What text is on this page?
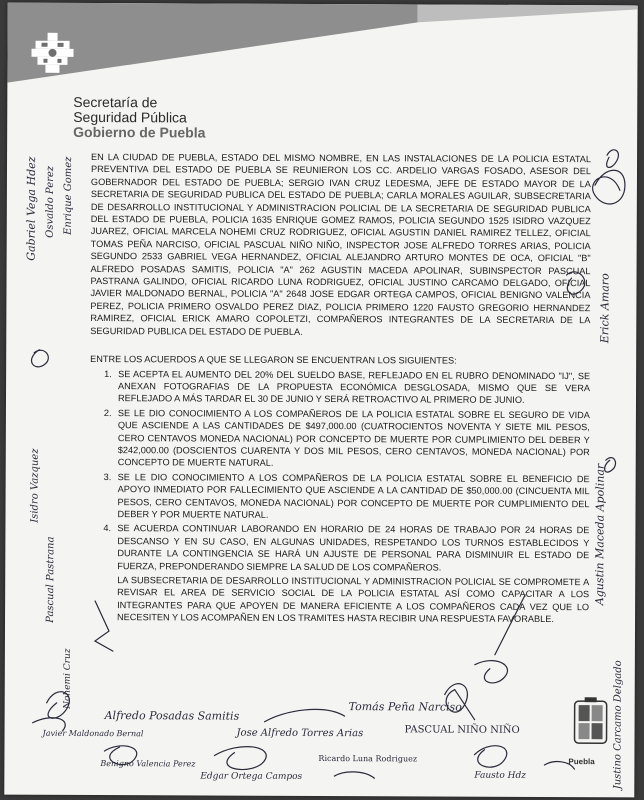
Secretaría de
Seguridad Pública
Gobierno de Puebla

EN LA CIUDAD DE PUEBLA, ESTADO DEL MISMO NOMBRE, EN LAS INSTALACIONES DE LA POLICIA ESTATAL PREVENTIVA DEL ESTADO DE PUEBLA SE REUNIERON LOS CC. ARDELIO VARGAS FOSADO, ASESOR DEL GOBERNADOR DEL ESTADO DE PUEBLA; SERGIO IVAN CRUZ LEDESMA, JEFE DE ESTADO MAYOR DE LA SECRETARIA DE SEGURIDAD PUBLICA DEL ESTADO DE PUEBLA; CARLA MORALES AGUILAR, SUBSECRETARIA DE DESARROLLO INSTITUCIONAL Y ADMINISTRACION POLICIAL DE LA SECRETARIA DE SEGURIDAD PUBLICA DEL ESTADO DE PUEBLA, POLICIA 1635 ENRIQUE GOMEZ RAMOS, POLICIA SEGUNDO 1525 ISIDRO VAZQUEZ JUAREZ, OFICIAL MARCELA NOHEMI CRUZ RODRIGUEZ, OFICIAL AGUSTIN DANIEL RAMIREZ TELLEZ, OFICIAL TOMAS PEÑA NARCISO, OFICIAL PASCUAL NIÑO NIÑO, INSPECTOR JOSE ALFREDO TORRES ARIAS, POLICIA SEGUNDO 2533 GABRIEL VEGA HERNANDEZ, OFICIAL ALEJANDRO ARTURO MONTES DE OCA, OFICIAL "B" ALFREDO POSADAS SAMITIS, POLICIA "A" 262 AGUSTIN MACEDA APOLINAR, SUBINSPECTOR PASCUAL PASTRANA GALINDO, OFICIAL RICARDO LUNA RODRIGUEZ, OFICIAL JUSTINO CARCAMO DELGADO, OFICIAL JAVIER MALDONADO BERNAL, POLICIA "A" 2648 JOSE EDGAR ORTEGA CAMPOS, OFICIAL BENIGNO VALENCIA PEREZ, POLICIA PRIMERO OSVALDO PEREZ DIAZ, POLICIA PRIMERO 1220 FAUSTO GREGORIO HERNANDEZ RAMIREZ, OFICIAL ERICK AMARO COPOLETZI, COMPAÑEROS INTEGRANTES DE LA SECRETARIA DE LA SEGURIDAD PUBLICA DEL ESTADO DE PUEBLA.

ENTRE LOS ACUERDOS A QUE SE LLEGARON SE ENCUENTRAN LOS SIGUIENTES:

1. SE ACEPTA EL AUMENTO DEL 20% DEL SUELDO BASE, REFLEJADO EN EL RUBRO DENOMINADO "IJ", SE ANEXAN FOTOGRAFIAS DE LA PROPUESTA ECONÓMICA DESGLOSADA, MISMO QUE SE VERA REFLEJADO A MÁS TARDAR EL 30 DE JUNIO Y SERÁ RETROACTIVO AL PRIMERO DE JUNIO.
2. SE LE DIO CONOCIMIENTO A LOS COMPAÑEROS DE LA POLICIA ESTATAL SOBRE EL SEGURO DE VIDA QUE ASCIENDE A LAS CANTIDADES DE $497,000.00 (CUATROCIENTOS NOVENTA Y SIETE MIL PESOS, CERO CENTAVOS MONEDA NACIONAL) POR CONCEPTO DE MUERTE POR CUMPLIMIENTO DEL DEBER Y $242,000.00 (DOSCIENTOS CUARENTA Y DOS MIL PESOS, CERO CENTAVOS, MONEDA NACIONAL) POR CONCEPTO DE MUERTE NATURAL.
3. SE LE DIO CONOCIMIENTO A LOS COMPAÑEROS DE LA POLICIA ESTATAL SOBRE EL BENEFICIO DE APOYO INMEDIATO POR FALLECIMIENTO QUE ASCIENDE A LA CANTIDAD DE $50,000.00 (CINCUENTA MIL PESOS, CERO CENTAVOS, MONEDA NACIONAL) POR CONCEPTO DE MUERTE POR CUMPLIMIENTO DEL DEBER Y POR MUERTE NATURAL.
4. SE ACUERDA CONTINUAR LABORANDO EN HORARIO DE 24 HORAS DE TRABAJO POR 24 HORAS DE DESCANSO Y EN SU CASO, EN ALGUNAS UNIDADES, RESPETANDO LOS TURNOS ESTABLECIDOS Y DURANTE LA CONTINGENCIA SE HARÁ UN AJUSTE DE PERSONAL PARA DISMINUIR EL ESTADO DE FUERZA, PREPONDERANDO SIEMPRE LA SALUD DE LOS COMPAÑEROS.

LA SUBSECRETARIA DE DESARROLLO INSTITUCIONAL Y ADMINISTRACION POLICIAL SE COMPROMETE A REVISAR EL AREA DE SERVICIO SOCIAL DE LA POLICIA ESTATAL ASÍ COMO CAPACITAR A LOS INTEGRANTES PARA QUE APOYEN DE MANERA EFICIENTE A LOS COMPAÑEROS CADA VEZ QUE LO NECESITEN Y LOS ACOMPAÑEN EN LOS TRAMITES HASTA RECIBIR UNA RESPUESTA FAVORABLE.

Gabriel Vega Hdez Osvaldo Perez Enrique Gomez
Isidro Vazquez
Pascual Pastrana
Nohemi Cruz
Erick Amaro
Agustin Maceda Apolinar
Justino Carcamo Delgado
Alfredo Posadas Samitis
Tomás Peña Narciso
Jose Alfredo Torres Arias	PASCUAL NIÑO NIÑO
Ricardo Luna Rodriguez
Fausto Hdz
Benigno Valencia Perez
Javier Maldonado Bernal
Edgar Ortega Campos
Puebla
